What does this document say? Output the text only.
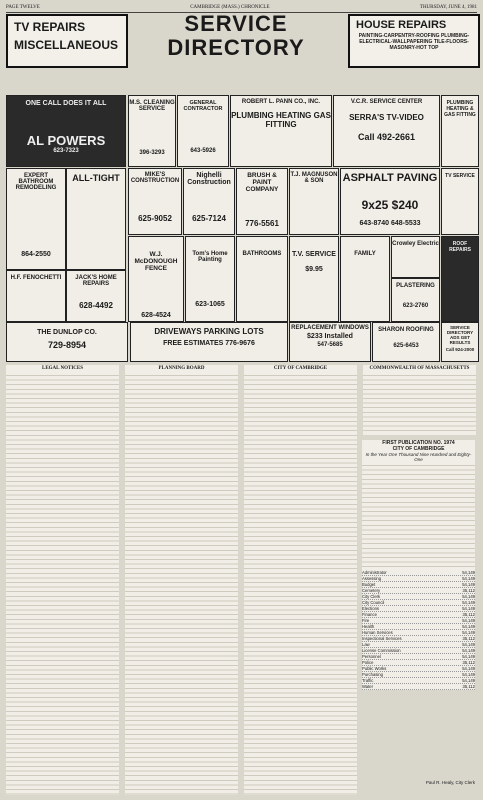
PAGE TWELVE	CAMBRIDGE (MASS.) CHRONICLE	THURSDAY, JUNE 4, 1981
TV REPAIRS
MISCELLANEOUS
SERVICE
DIRECTORY
HOUSE REPAIRS
PAINTING-CARPENTRY-ROOFING PLUMBING-ELECTRICAL-WALLPAPERING TILE-FLOORS-MASONRY-HOT TOP
ONE CALL DOES IT ALL
AL POWERS
623-7323
M.S. CLEANING SERVICE
396-3293
GENERAL CONTRACTOR
643-5926
ROBERT L. PANN CO., INC.
PLUMBING HEATING GAS FITTING
V.C.R. SERVICE CENTER
SERRA'S TV-VIDEO
Call 492-2661
PLUMBING HEATING & GAS FITTING
EXPERT BATHROOM REMODELING
864-2550
ALL-TIGHT	MIKE'S CONSTRUCTION
625-9052
Nighelli Construction
625-7124
BRUSH & PAINT COMPANY
776-5561
T.J. MAGNUSON & SON	ASPHALT PAVING
9x25 $240
643-8740 648-5533
TV SERVICE
H.F. FENOCHETTI	JACK'S HOME REPAIRS
628-4492
W.J. McDONOUGH FENCE
628-4524
Tom's Home Painting
623-1065
BATHROOMS	T.V. SERVICE
$9.95
FAMILY
Crowley Electric	ROOF REPAIRS
THE DUNLOP CO.
729-8954
DRIVEWAYS PARKING LOTS
FREE ESTIMATES 776-9676
REPLACEMENT WINDOWS
$233 Installed
547-5685
SHARON ROOFING
625-6453
PLASTERING
623-2760
SERVICE DIRECTORY ADS GET RESULTS
Call 924-2000
LEGAL NOTICES	PLANNING BOARD	CITY OF CAMBRIDGE	COMMONWEALTH OF MASSACHUSETTS
FIRST PUBLICATION NO. 1974
CITY OF CAMBRIDGE
In the Year One Thousand Nine Hundred and Eighty-One
Administrator	54,149
Assessing	54,149
Budget	54,149
Cemetery	35,112
City Clerk	54,149
City Council	54,149
Elections	54,149
Finance	35,112
Fire	54,149
Health	54,149
Human Services	54,149
Inspectional Services	35,112
Law	54,149
License Commission	54,149
Personnel	54,149
Police	35,112
Public Works	54,149
Purchasing	54,149
Traffic	54,149
Water	35,112
Paul R. Healy, City Clerk
